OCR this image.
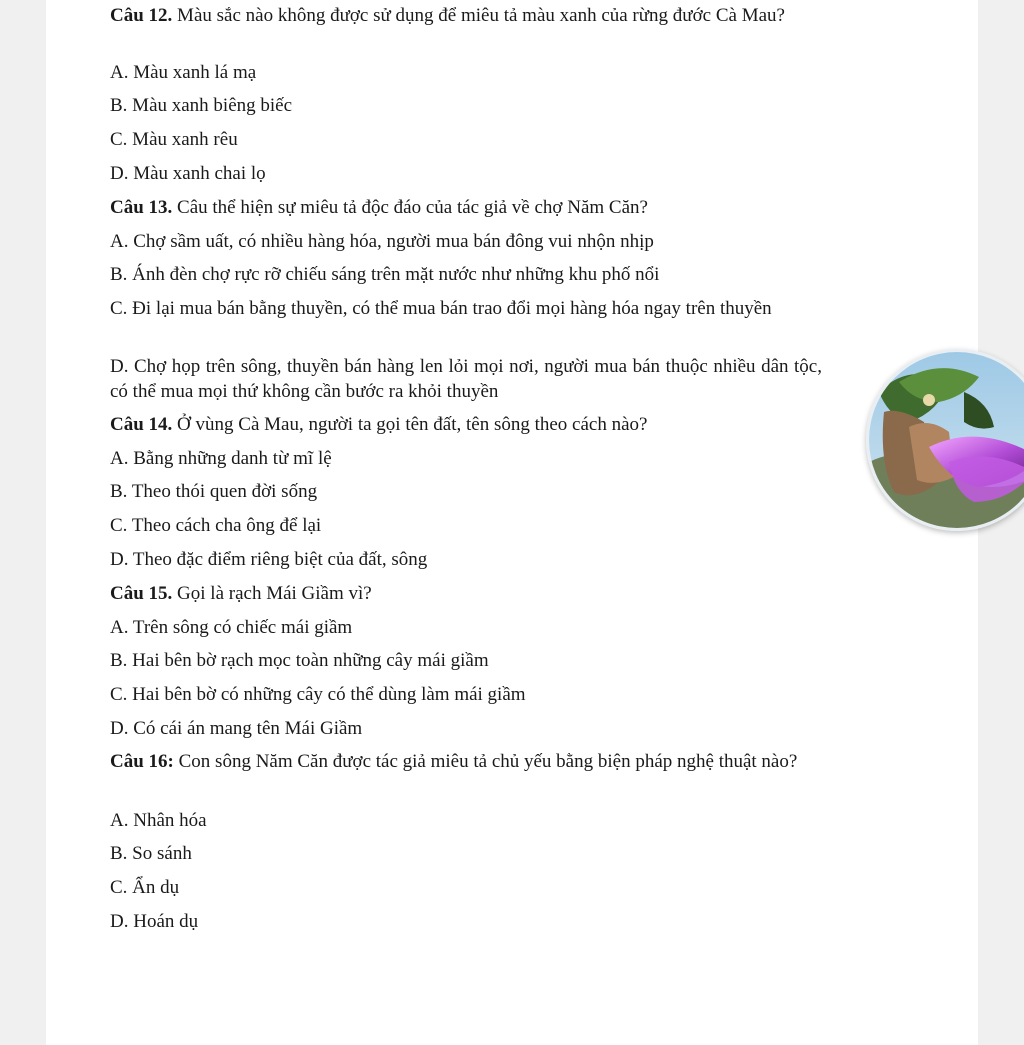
Câu 12. Màu sắc nào không được sử dụng để miêu tả màu xanh của rừng đước Cà Mau?
A. Màu xanh lá mạ
B. Màu xanh biêng biếc
C. Màu xanh rêu
D. Màu xanh chai lọ
Câu 13. Câu thể hiện sự miêu tả độc đáo của tác giả về chợ Năm Căn?
A. Chợ sầm uất, có nhiều hàng hóa, người mua bán đông vui nhộn nhịp
B. Ánh đèn chợ rực rỡ chiếu sáng trên mặt nước như những khu phố nổi
C. Đi lại mua bán bằng thuyền, có thể mua bán trao đổi mọi hàng hóa ngay trên thuyền
D. Chợ họp trên sông, thuyền bán hàng len lỏi mọi nơi, người mua bán thuộc nhiều dân tộc, có thể mua mọi thứ không cần bước ra khỏi thuyền
Câu 14. Ở vùng Cà Mau, người ta gọi tên đất, tên sông theo cách nào?
A. Bằng những danh từ mĩ lệ
B. Theo thói quen đời sống
C. Theo cách cha ông để lại
D. Theo đặc điểm riêng biệt của đất, sông
Câu 15. Gọi là rạch Mái Giầm vì?
A. Trên sông có chiếc mái giầm
B. Hai bên bờ rạch mọc toàn những cây mái giầm
C. Hai bên bờ có những cây có thể dùng làm mái giầm
D. Có cái án mang tên Mái Giầm
Câu 16: Con sông Năm Căn được tác giả miêu tả chủ yếu bằng biện pháp nghệ thuật nào?
A. Nhân hóa
B. So sánh
C. Ẩn dụ
D. Hoán dụ
